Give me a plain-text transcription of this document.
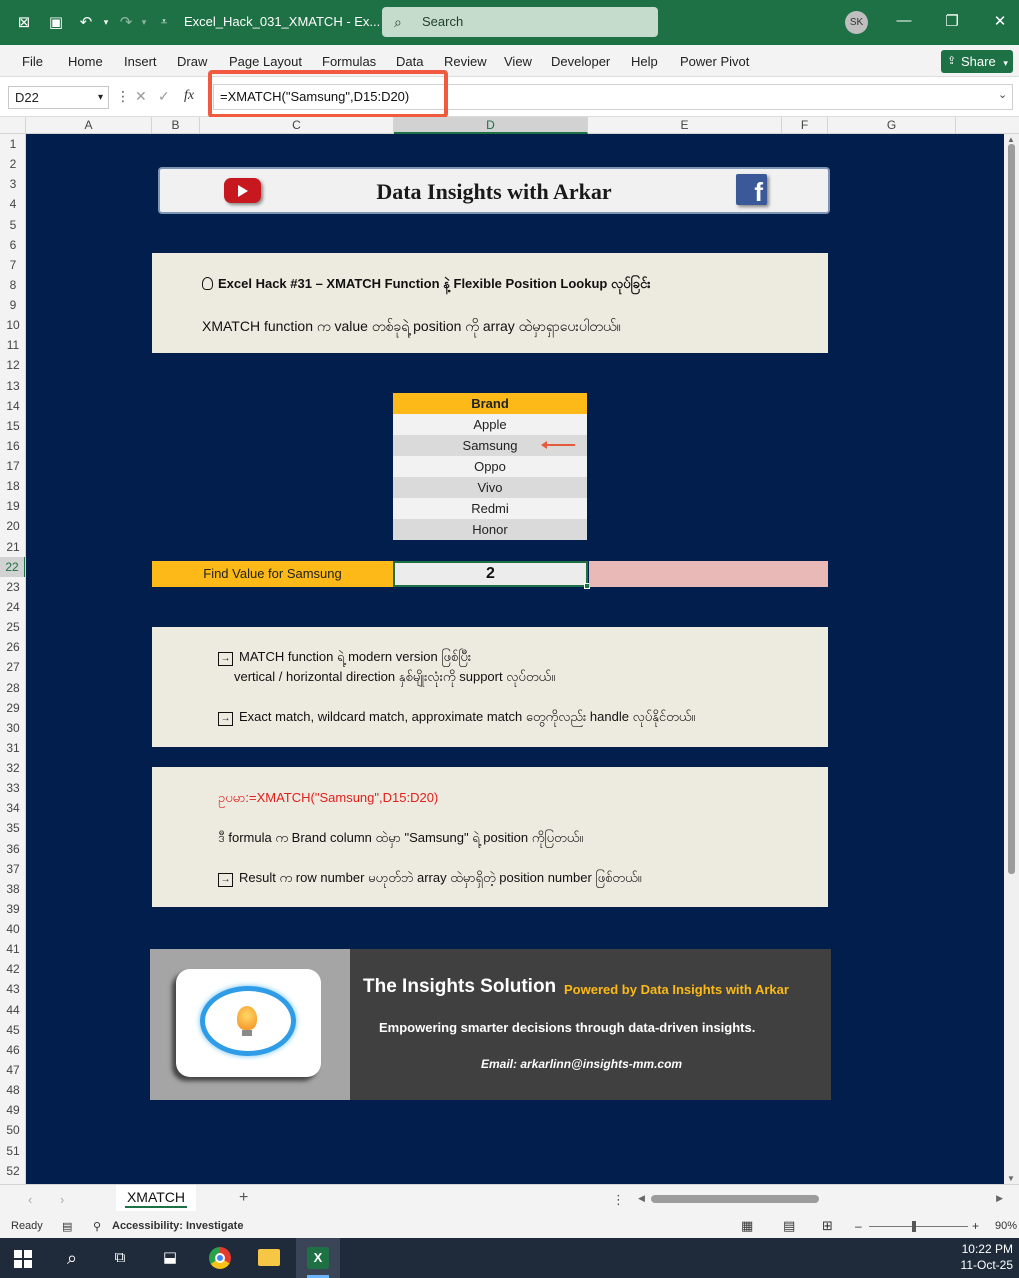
⊠ ▣ ↶	▾ ↷	▾	⩡	Excel_Hack_031_XMATCH - Ex... ⌕ Search	SK	— ❐ ✕
File Home Insert Draw Page Layout Formulas Data Review View Developer Help Power Pivot	⇪ Share ▾
D22	▾ ⋮ ✕ ✓ fx =XMATCH("Samsung",D15:D20)	⌄
A	B	C	D	E	F	G
1
2
3
4
5
6
7
8
9
10
11
12
13
14
15
16
17
18
19
20
21
22
23
24
25
26
27
28
29
30
31
32
33
34
35
36
37
38
39
40
41
42
43
44
45
46
47
48
49
50
51
52
Data Insights with Arkar	f
Excel Hack #31 – XMATCH Function နဲ့ Flexible Position Lookup လုပ်ခြင်း
XMATCH function က value တစ်ခုရဲ့ position ကို array ထဲမှာရှာပေးပါတယ်။
Brand
Apple
Samsung
Oppo
Vivo
Redmi
Honor
Find Value for Samsung	2
→ MATCH function ရဲ့ modern version ဖြစ်ပြီး
vertical / horizontal direction နှစ်မျိုးလုံးကို support လုပ်တယ်။
→ Exact match, wildcard match, approximate match တွေကိုလည်း handle လုပ်နိုင်တယ်။
ဥပမာ:=XMATCH("Samsung",D15:D20)
ဒီ formula က Brand column ထဲမှာ "Samsung" ရဲ့ position ကိုပြတယ်။
→ Result က row number မဟုတ်ဘဲ array ထဲမှာရှိတဲ့ position number ဖြစ်တယ်။
The Insights Solution Powered by Data Insights with Arkar
Empowering smarter decisions through data-driven insights.
Email: arkarlinn@insights-mm.com
▲
▼
‹ ›	⋮
XMATCH	+	◀	▶
Ready ▤ ⚲ Accessibility: Investigate	▦ ▤ ⊞ –	+ 90%
⌕	⧉	⬓	X
10:22 PM
11-Oct-25
